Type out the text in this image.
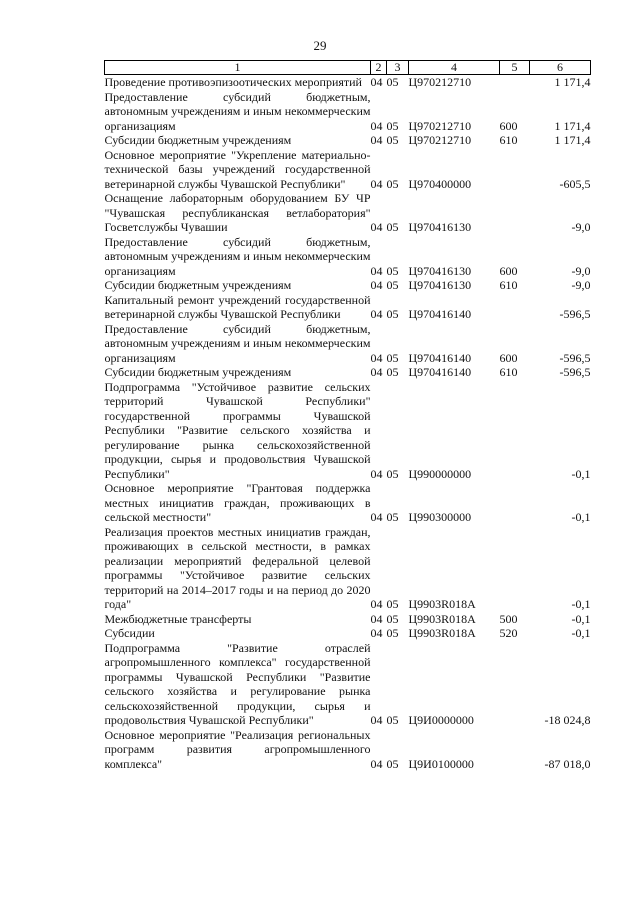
29
1	2	3	4	5	6
Проведение противоэпизоотических мероприятий	04	05	Ц970212710		1 171,4
Предоставление субсидий бюджетным, автономным учреждениям и иным некоммерческим организациям	04	05	Ц970212710	600	1 171,4
Субсидии бюджетным учреждениям	04	05	Ц970212710	610	1 171,4
Основное мероприятие "Укрепление материально-технической базы учреждений государственной ветеринарной службы Чувашской Республики"	04	05	Ц970400000		-605,5
Оснащение лабораторным оборудованием БУ ЧР "Чувашская республиканская ветлаборатория" Госветслужбы Чувашии	04	05	Ц970416130		-9,0
Предоставление субсидий бюджетным, автономным учреждениям и иным некоммерческим организациям	04	05	Ц970416130	600	-9,0
Субсидии бюджетным учреждениям	04	05	Ц970416130	610	-9,0
Капитальный ремонт учреждений государственной ветеринарной службы Чувашской Республики	04	05	Ц970416140		-596,5
Предоставление субсидий бюджетным, автономным учреждениям и иным некоммерческим организациям	04	05	Ц970416140	600	-596,5
Субсидии бюджетным учреждениям	04	05	Ц970416140	610	-596,5
Подпрограмма "Устойчивое развитие сельских территорий Чувашской Республики" государственной программы Чувашской Республики "Развитие сельского хозяйства и регулирование рынка сельскохозяйственной продукции, сырья и продовольствия Чувашской Республики"	04	05	Ц990000000		-0,1
Основное мероприятие "Грантовая поддержка местных инициатив граждан, проживающих в сельской местности"	04	05	Ц990300000		-0,1
Реализация проектов местных инициатив граждан, проживающих в сельской местности, в рамках реализации мероприятий федеральной целевой программы "Устойчивое развитие сельских территорий на 2014–2017 годы и на период до 2020 года"	04	05	Ц9903R018А		-0,1
Межбюджетные трансферты	04	05	Ц9903R018А	500	-0,1
Субсидии	04	05	Ц9903R018А	520	-0,1
Подпрограмма "Развитие отраслей агропромышленного комплекса" государственной программы Чувашской Республики "Развитие сельского хозяйства и регулирование рынка сельскохозяйственной продукции, сырья и продовольствия Чувашской Республики"	04	05	Ц9И0000000		-18 024,8
Основное мероприятие "Реализация региональных программ развития агропромышленного комплекса"	04	05	Ц9И0100000		-87 018,0
